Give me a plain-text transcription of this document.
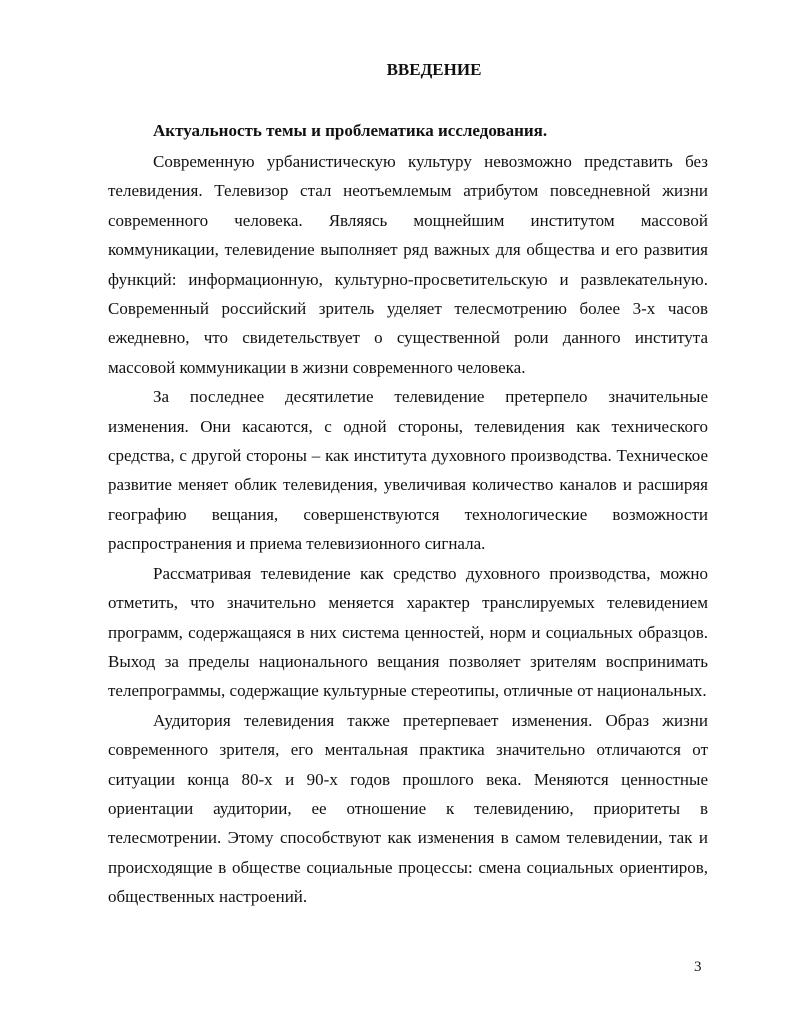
ВВЕДЕНИЕ

Актуальность темы и проблематика исследования.

Современную урбанистическую культуру невозможно представить без телевидения. Телевизор стал неотъемлемым атрибутом повседневной жизни современного человека. Являясь мощнейшим институтом массовой коммуникации, телевидение выполняет ряд важных для общества и его развития функций: информационную, культурно-просветительскую и развлекательную. Современный российский зритель уделяет телесмотрению более 3-х часов ежедневно, что свидетельствует о существенной роли данного института массовой коммуникации в жизни современного человека.

За последнее десятилетие телевидение претерпело значительные изменения. Они касаются, с одной стороны, телевидения как технического средства, с другой стороны – как института духовного производства. Техническое развитие меняет облик телевидения, увеличивая количество каналов и расширяя географию вещания, совершенствуются технологические возможности распространения и приема телевизионного сигнала.

Рассматривая телевидение как средство духовного производства, можно отметить, что значительно меняется характер транслируемых телевидением программ, содержащаяся в них система ценностей, норм и социальных образцов. Выход за пределы национального вещания позволяет зрителям воспринимать телепрограммы, содержащие культурные стереотипы, отличные от национальных.

Аудитория телевидения также претерпевает изменения. Образ жизни современного зрителя, его ментальная практика значительно отличаются от ситуации конца 80-х и 90-х годов прошлого века. Меняются ценностные ориентации аудитории, ее отношение к телевидению, приоритеты в телесмотрении. Этому способствуют как изменения в самом телевидении, так и происходящие в обществе социальные процессы: смена социальных ориентиров, общественных настроений.

3
